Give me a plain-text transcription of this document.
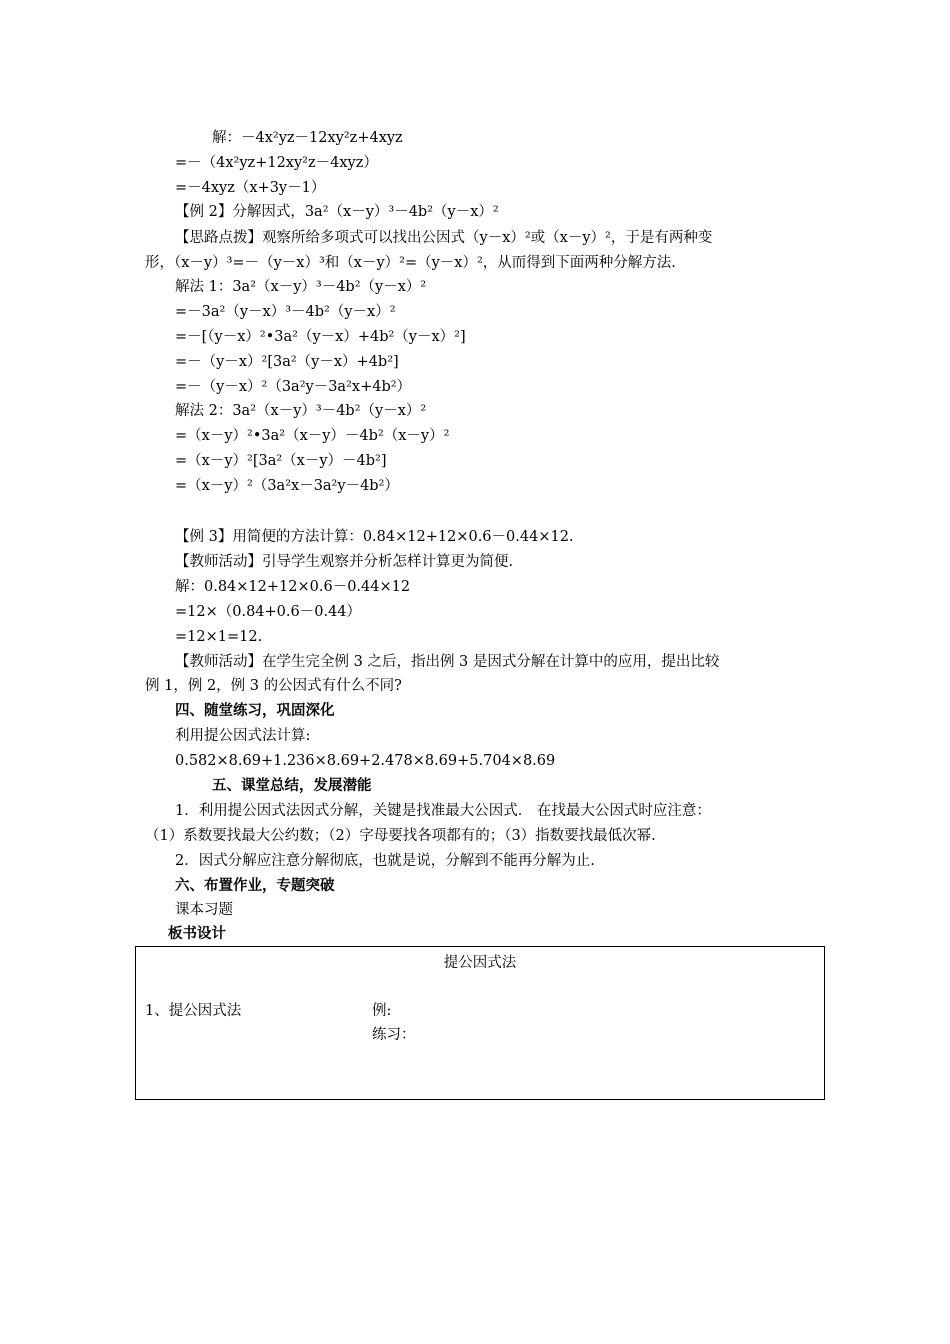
解：－4x²yz－12xy²z+4xyz
=－（4x²yz+12xy²z－4xyz）
=－4xyz（x+3y－1）
【例 2】分解因式，3a²（x－y）³－4b²（y－x）²
【思路点拨】观察所给多项式可以找出公因式（y－x）²或（x－y）²，于是有两种变
形，（x－y）³=－（y－x）³和（x－y）²=（y－x）²，从而得到下面两种分解方法.
解法 1：3a²（x－y）³－4b²（y－x）²
=－3a²（y－x）³－4b²（y－x）²
=－[（y－x）²•3a²（y－x）+4b²（y－x）²]
=－（y－x）²[3a²（y－x）+4b²]
=－（y－x）²（3a²y－3a²x+4b²）
解法 2：3a²（x－y）³－4b²（y－x）²
=（x－y）²•3a²（x－y）－4b²（x－y）²
=（x－y）²[3a²（x－y）－4b²]
=（x－y）²（3a²x－3a²y－4b²）
【例 3】用简便的方法计算：0.84×12+12×0.6－0.44×12.
【教师活动】引导学生观察并分析怎样计算更为简便.
解：0.84×12+12×0.6－0.44×12
=12×（0.84+0.6－0.44）
=12×1=12.
【教师活动】在学生完全例 3 之后，指出例 3 是因式分解在计算中的应用，提出比较
例 1，例 2，例 3 的公因式有什么不同?
四、随堂练习，巩固深化
利用提公因式法计算:
0.582×8.69+1.236×8.69+2.478×8.69+5.704×8.69
五、课堂总结，发展潜能
1．利用提公因式法因式分解，关键是找准最大公因式． 在找最大公因式时应注意：
（1）系数要找最大公约数；（2）字母要找各项都有的；（3）指数要找最低次幂.
2．因式分解应注意分解彻底，也就是说，分解到不能再分解为止.
六、布置作业，专题突破
课本习题
板书设计
提公因式法
1、提公因式法	例:
练习：
